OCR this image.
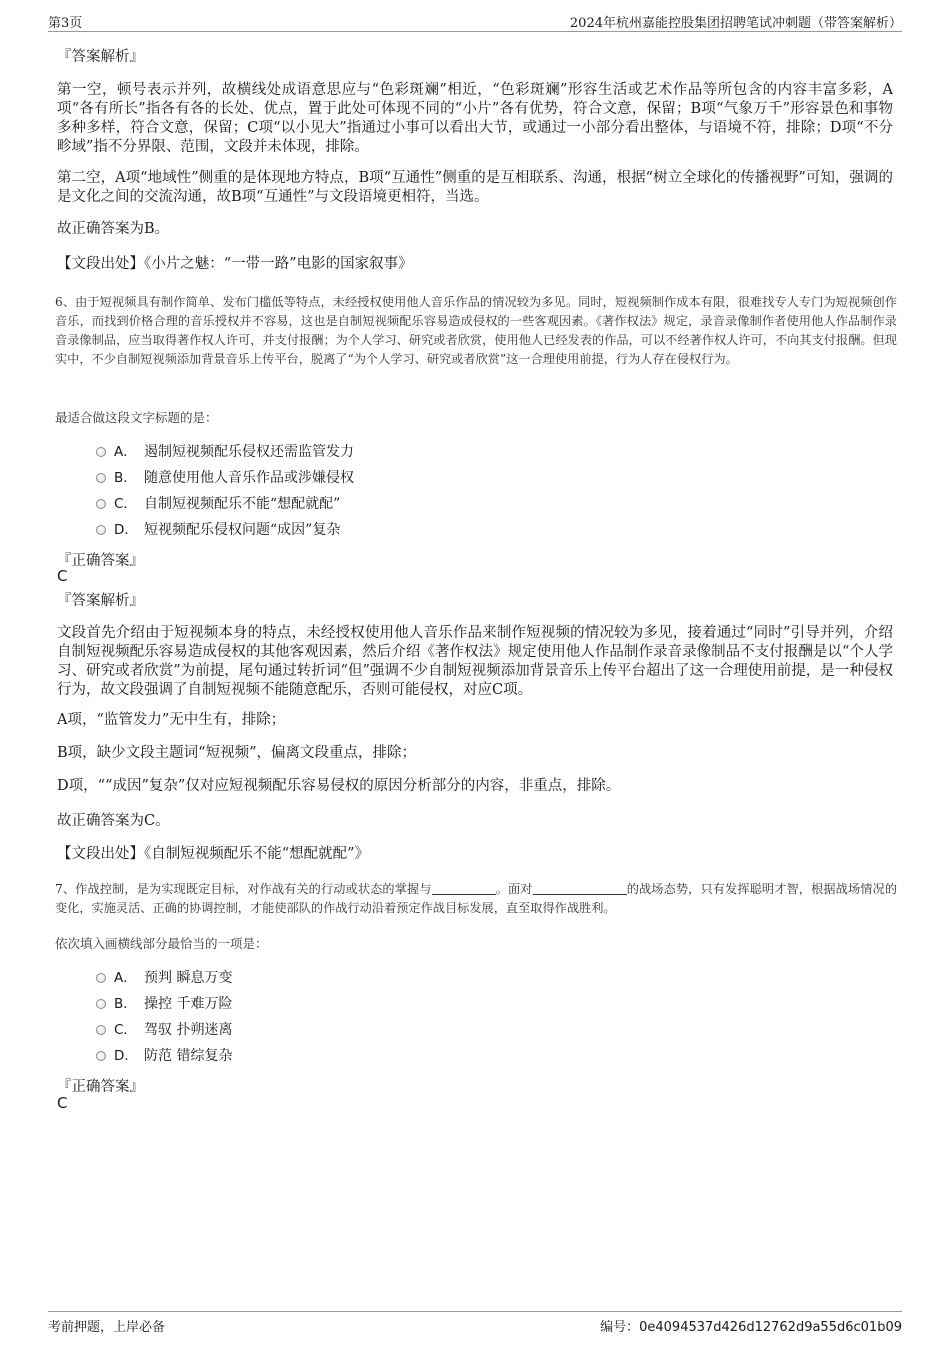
第3页	2024年杭州嘉能控股集团招聘笔试冲刺题（带答案解析）
『答案解析』
第一空，顿号表示并列，故横线处成语意思应与“色彩斑斓”相近，“色彩斑斓”形容生活或艺术作品等所包含的内容丰富多彩，A项“各有所长”指各有各的长处、优点，置于此处可体现不同的“小片”各有优势，符合文意，保留；B项“气象万千”形容景色和事物多种多样，符合文意，保留；C项“以小见大”指通过小事可以看出大节，或通过一小部分看出整体，与语境不符，排除；D项“不分畛域”指不分界限、范围，文段并未体现，排除。
第二空，A项“地域性”侧重的是体现地方特点，B项“互通性”侧重的是互相联系、沟通，根据“树立全球化的传播视野”可知，强调的是文化之间的交流沟通，故B项“互通性”与文段语境更相符，当选。
故正确答案为B。
【文段出处】《小片之魅：“一带一路”电影的国家叙事》
6、由于短视频具有制作简单、发布门槛低等特点，未经授权使用他人音乐作品的情况较为多见。同时，短视频制作成本有限，很难找专人专门为短视频创作音乐，而找到价格合理的音乐授权并不容易，这也是自制短视频配乐容易造成侵权的一些客观因素。《著作权法》规定，录音录像制作者使用他人作品制作录音录像制品，应当取得著作权人许可，并支付报酬；为个人学习、研究或者欣赏，使用他人已经发表的作品，可以不经著作权人许可，不向其支付报酬。但现实中，不少自制短视频添加背景音乐上传平台，脱离了“为个人学习、研究或者欣赏”这一合理使用前提，行为人存在侵权行为。
最适合做这段文字标题的是：
A． 遏制短视频配乐侵权还需监管发力
B． 随意使用他人音乐作品或涉嫌侵权
C． 自制短视频配乐不能“想配就配”
D． 短视频配乐侵权问题“成因”复杂
『正确答案』
C
『答案解析』
文段首先介绍由于短视频本身的特点，未经授权使用他人音乐作品来制作短视频的情况较为多见，接着通过“同时”引导并列，介绍自制短视频配乐容易造成侵权的其他客观因素，然后介绍《著作权法》规定使用他人作品制作录音录像制品不支付报酬是以“个人学习、研究或者欣赏”为前提，尾句通过转折词“但”强调不少自制短视频添加背景音乐上传平台超出了这一合理使用前提，是一种侵权行为，故文段强调了自制短视频不能随意配乐，否则可能侵权，对应C项。
A项，“监管发力”无中生有，排除；
B项，缺少文段主题词“短视频”，偏离文段重点，排除；
D项，““成因”复杂”仅对应短视频配乐容易侵权的原因分析部分的内容，非重点，排除。
故正确答案为C。
【文段出处】《自制短视频配乐不能“想配就配”》
7、作战控制，是为实现既定目标，对作战有关的行动或状态的掌握与	。面对	的战场态势，只有发挥聪明才智，根据战场情况的变化，实施灵活、正确的协调控制，才能使部队的作战行动沿着预定作战目标发展，直至取得作战胜利。
依次填入画横线部分最恰当的一项是：
A． 预判 瞬息万变
B． 操控 千难万险
C． 驾驭 扑朔迷离
D． 防范 错综复杂
『正确答案』
C
考前押题，上岸必备	编号：0e4094537d426d12762d9a55d6c01b09
